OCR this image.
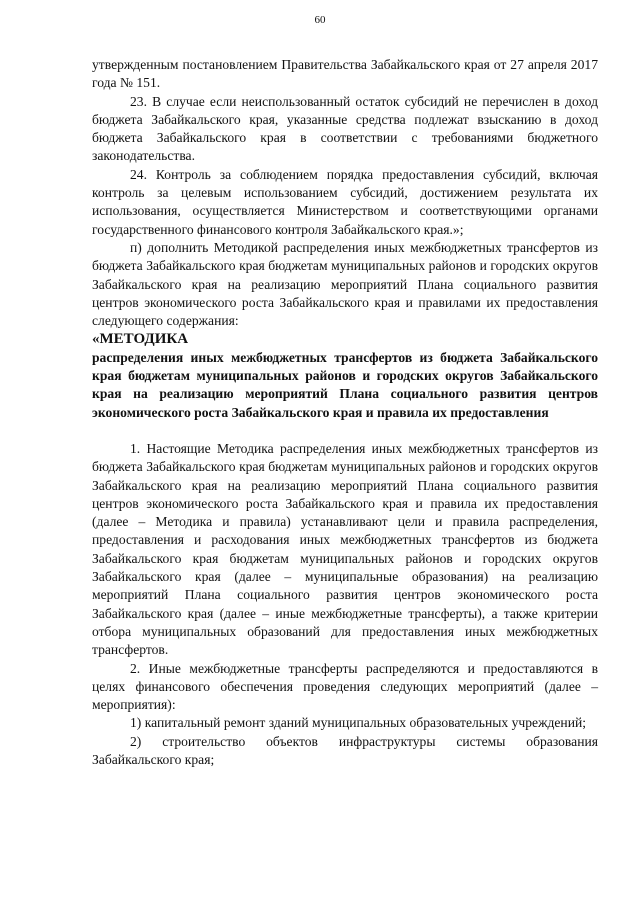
60

утвержденным постановлением Правительства Забайкальского края от 27 апреля 2017 года № 151.

23. В случае если неиспользованный остаток субсидий не перечислен в доход бюджета Забайкальского края, указанные средства подлежат взысканию в доход бюджета Забайкальского края в соответствии с требованиями бюджетного законодательства.

24. Контроль за соблюдением порядка предоставления субсидий, включая контроль за целевым использованием субсидий, достижением результата их использования, осуществляется Министерством и соответствующими органами государственного финансового контроля Забайкальского края.»;

п) дополнить Методикой распределения иных межбюджетных трансфертов из бюджета Забайкальского края бюджетам муниципальных районов и городских округов Забайкальского края на реализацию мероприятий Плана социального развития центров экономического роста Забайкальского края и правилами их предоставления следующего содержания:

«МЕТОДИКА

распределения иных межбюджетных трансфертов из бюджета Забайкальского края бюджетам муниципальных районов и городских округов Забайкальского края на реализацию мероприятий Плана социального развития центров экономического роста Забайкальского края и правила их предоставления

1. Настоящие Методика распределения иных межбюджетных трансфертов из бюджета Забайкальского края бюджетам муниципальных районов и городских округов Забайкальского края на реализацию мероприятий Плана социального развития центров экономического роста Забайкальского края и правила их предоставления (далее – Методика и правила) устанавливают цели и правила распределения, предоставления и расходования иных межбюджетных трансфертов из бюджета Забайкальского края бюджетам муниципальных районов и городских округов Забайкальского края (далее – муниципальные образования) на реализацию мероприятий Плана социального развития центров экономического роста Забайкальского края (далее – иные межбюджетные трансферты), а также критерии отбора муниципальных образований для предоставления иных межбюджетных трансфертов.

2. Иные межбюджетные трансферты распределяются и предоставляются в целях финансового обеспечения проведения следующих мероприятий (далее – мероприятия):

1) капитальный ремонт зданий муниципальных образовательных учреждений;

2) строительство объектов инфраструктуры системы образования Забайкальского края;
